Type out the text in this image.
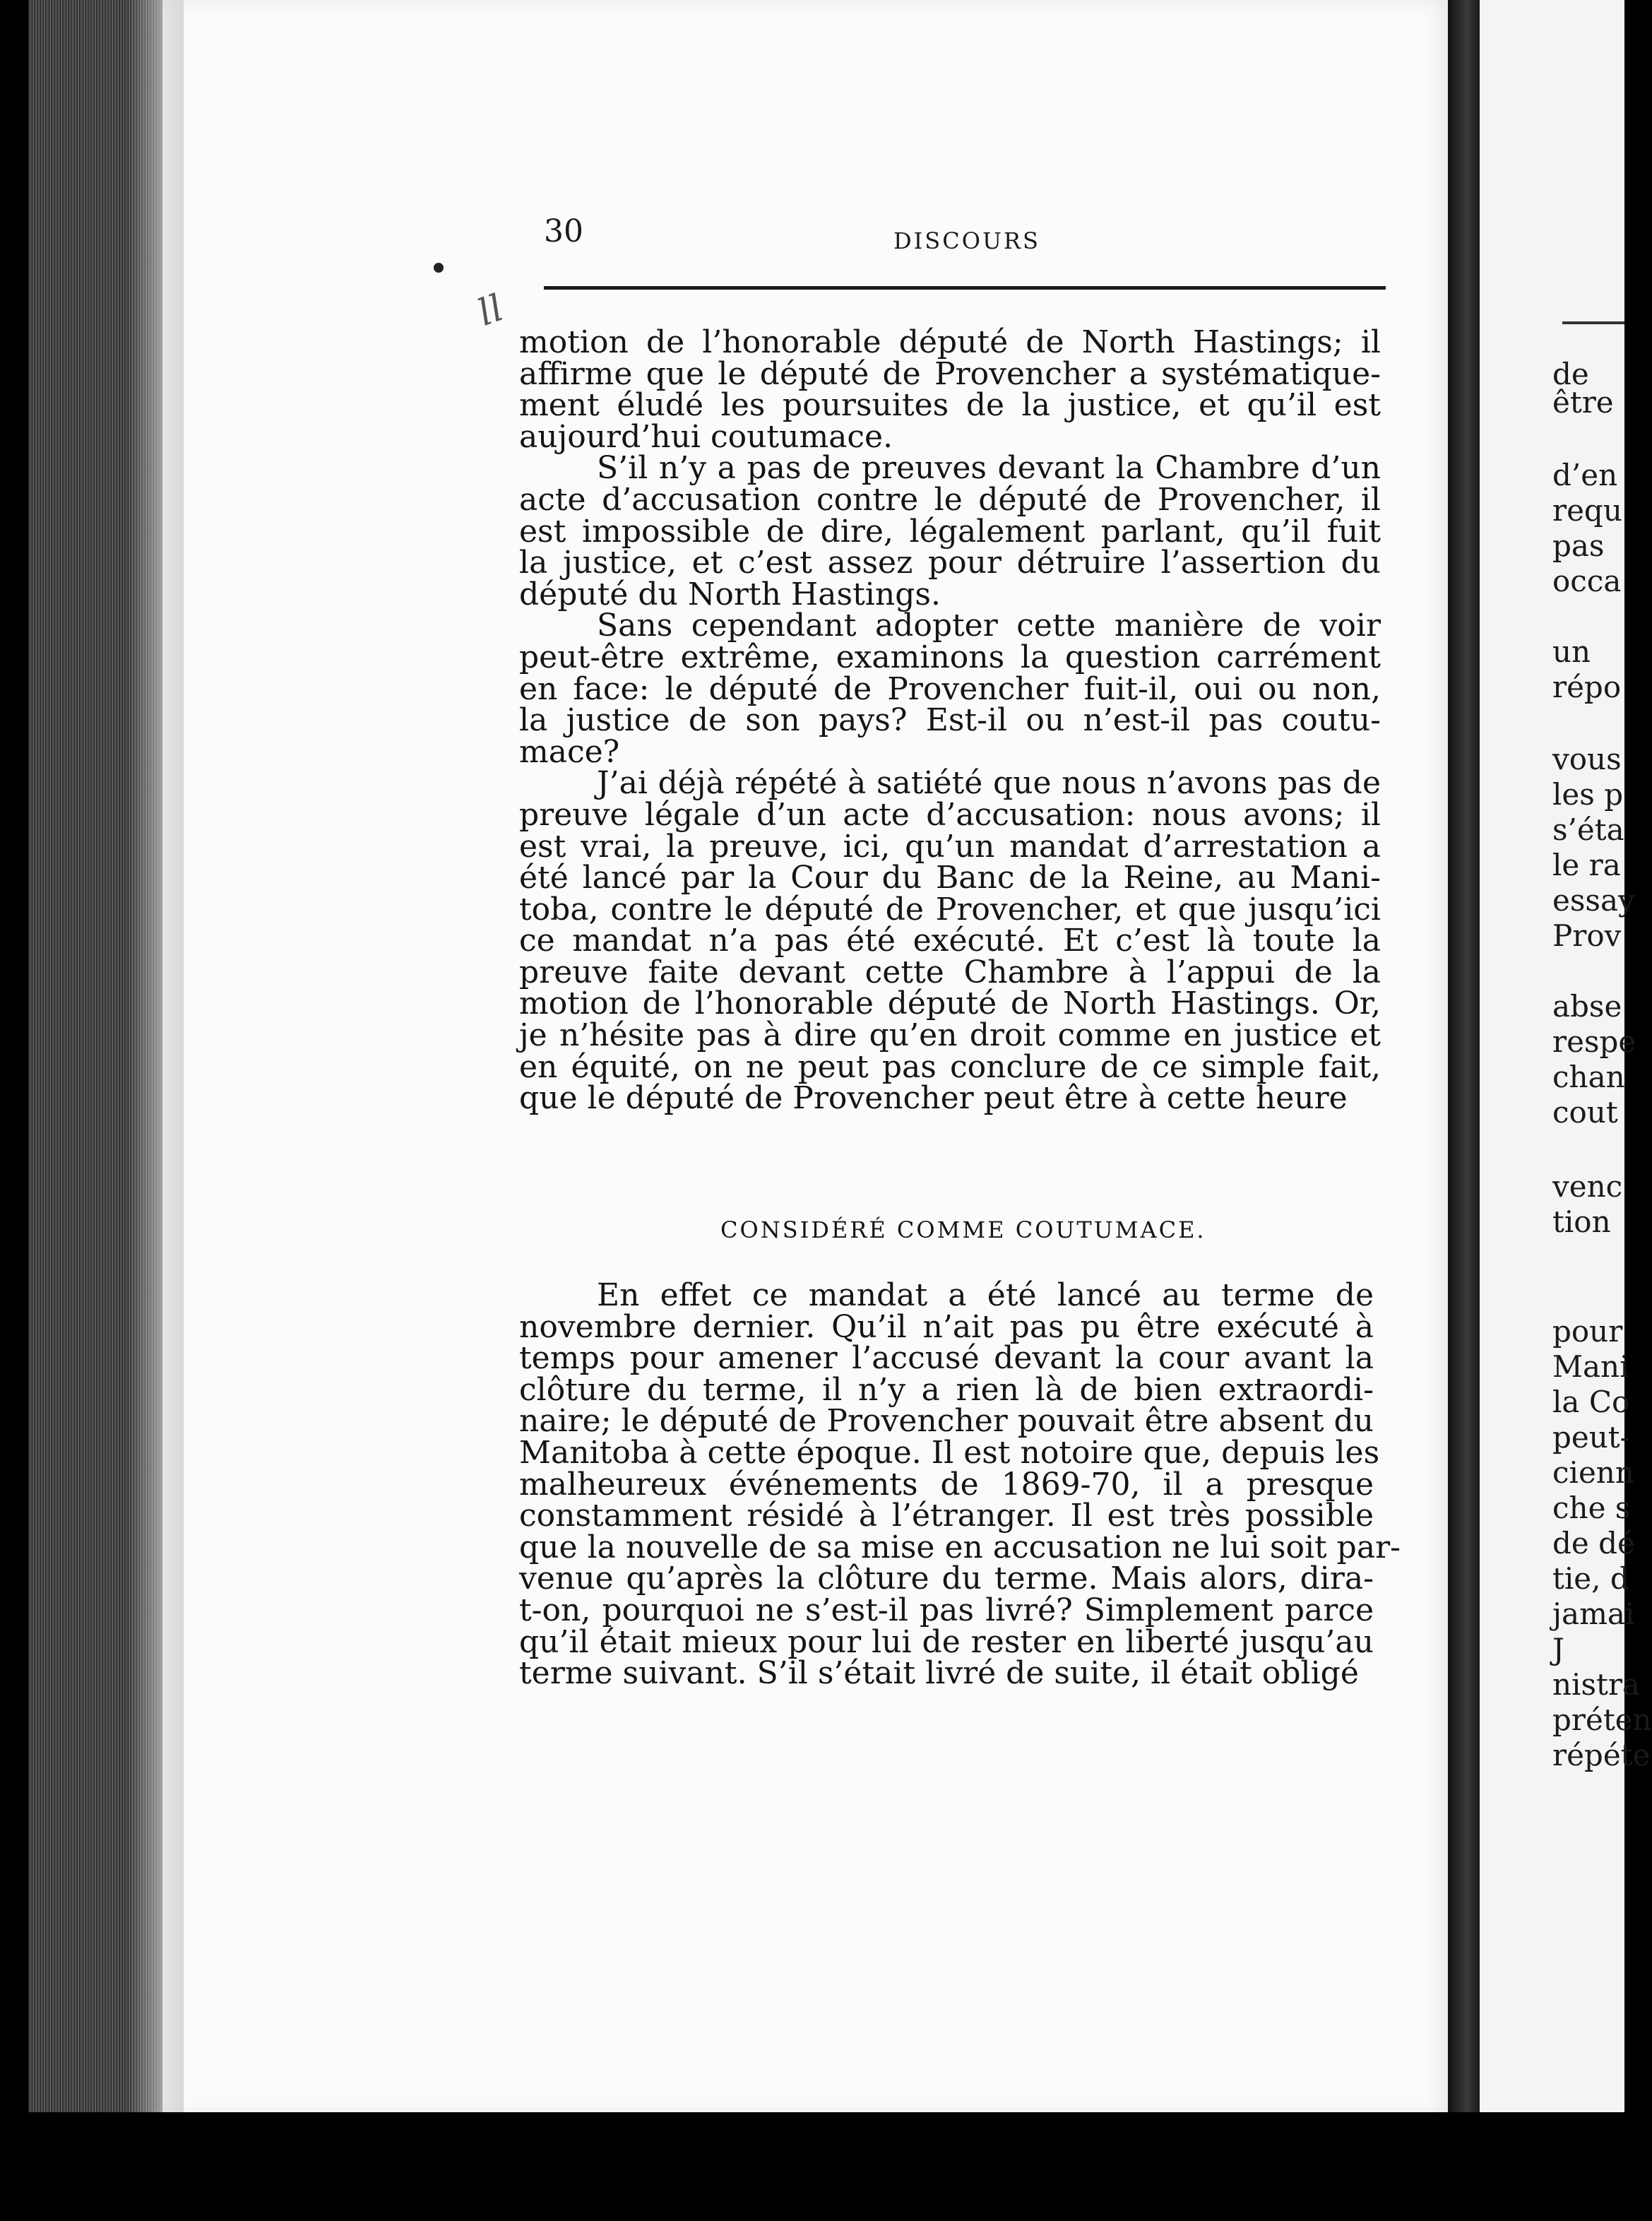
30	DISCOURS

ll

motion de l’honorable député de North Hastings; il
affirme que le député de Provencher a systématique-
ment éludé les poursuites de la justice, et qu’il est
aujourd’hui coutumace.
S’il n’y a pas de preuves devant la Chambre d’un
acte d’accusation contre le député de Provencher, il
est impossible de dire, légalement parlant, qu’il fuit
la justice, et c’est assez pour détruire l’assertion du
député du North Hastings.
Sans cependant adopter cette manière de voir
peut-être extrême, examinons la question carrément
en face: le député de Provencher fuit-il, oui ou non,
la justice de son pays? Est-il ou n’est-il pas coutu-
mace?
J’ai déjà répété à satiété que nous n’avons pas de
preuve légale d’un acte d’accusation: nous avons; il
est vrai, la preuve, ici, qu’un mandat d’arrestation a
été lancé par la Cour du Banc de la Reine, au Mani-
toba, contre le député de Provencher, et que jusqu’ici
ce mandat n’a pas été exécuté. Et c’est là toute la
preuve faite devant cette Chambre à l’appui de la
motion de l’honorable député de North Hastings. Or,
je n’hésite pas à dire qu’en droit comme en justice et
en équité, on ne peut pas conclure de ce simple fait,
que le député de Provencher peut être à cette heure

CONSIDÉRÉ COMME COUTUMACE.

En effet ce mandat a été lancé au terme de
novembre dernier. Qu’il n’ait pas pu être exécuté à
temps pour amener l’accusé devant la cour avant la
clôture du terme, il n’y a rien là de bien extraordi-
naire; le député de Provencher pouvait être absent du
Manitoba à cette époque. Il est notoire que, depuis les
malheureux événements de 1869-70, il a presque
constamment résidé à l’étranger. Il est très possible
que la nouvelle de sa mise en accusation ne lui soit par-
venue qu’après la clôture du terme. Mais alors, dira-
t-on, pourquoi ne s’est-il pas livré? Simplement parce
qu’il était mieux pour lui de rester en liberté jusqu’au
terme suivant. S’il s’était livré de suite, il était obligé

de

être

d’en

requ

pas

occa

un

répo

vous

les p

s’éta

le ra

essay

Prov

abse

respe

chan

cout

venc

tion

pour

Mani

la Co

peut-

cienn

che s

de dé

tie, d

jamai

J

nistra

préten

répéte
